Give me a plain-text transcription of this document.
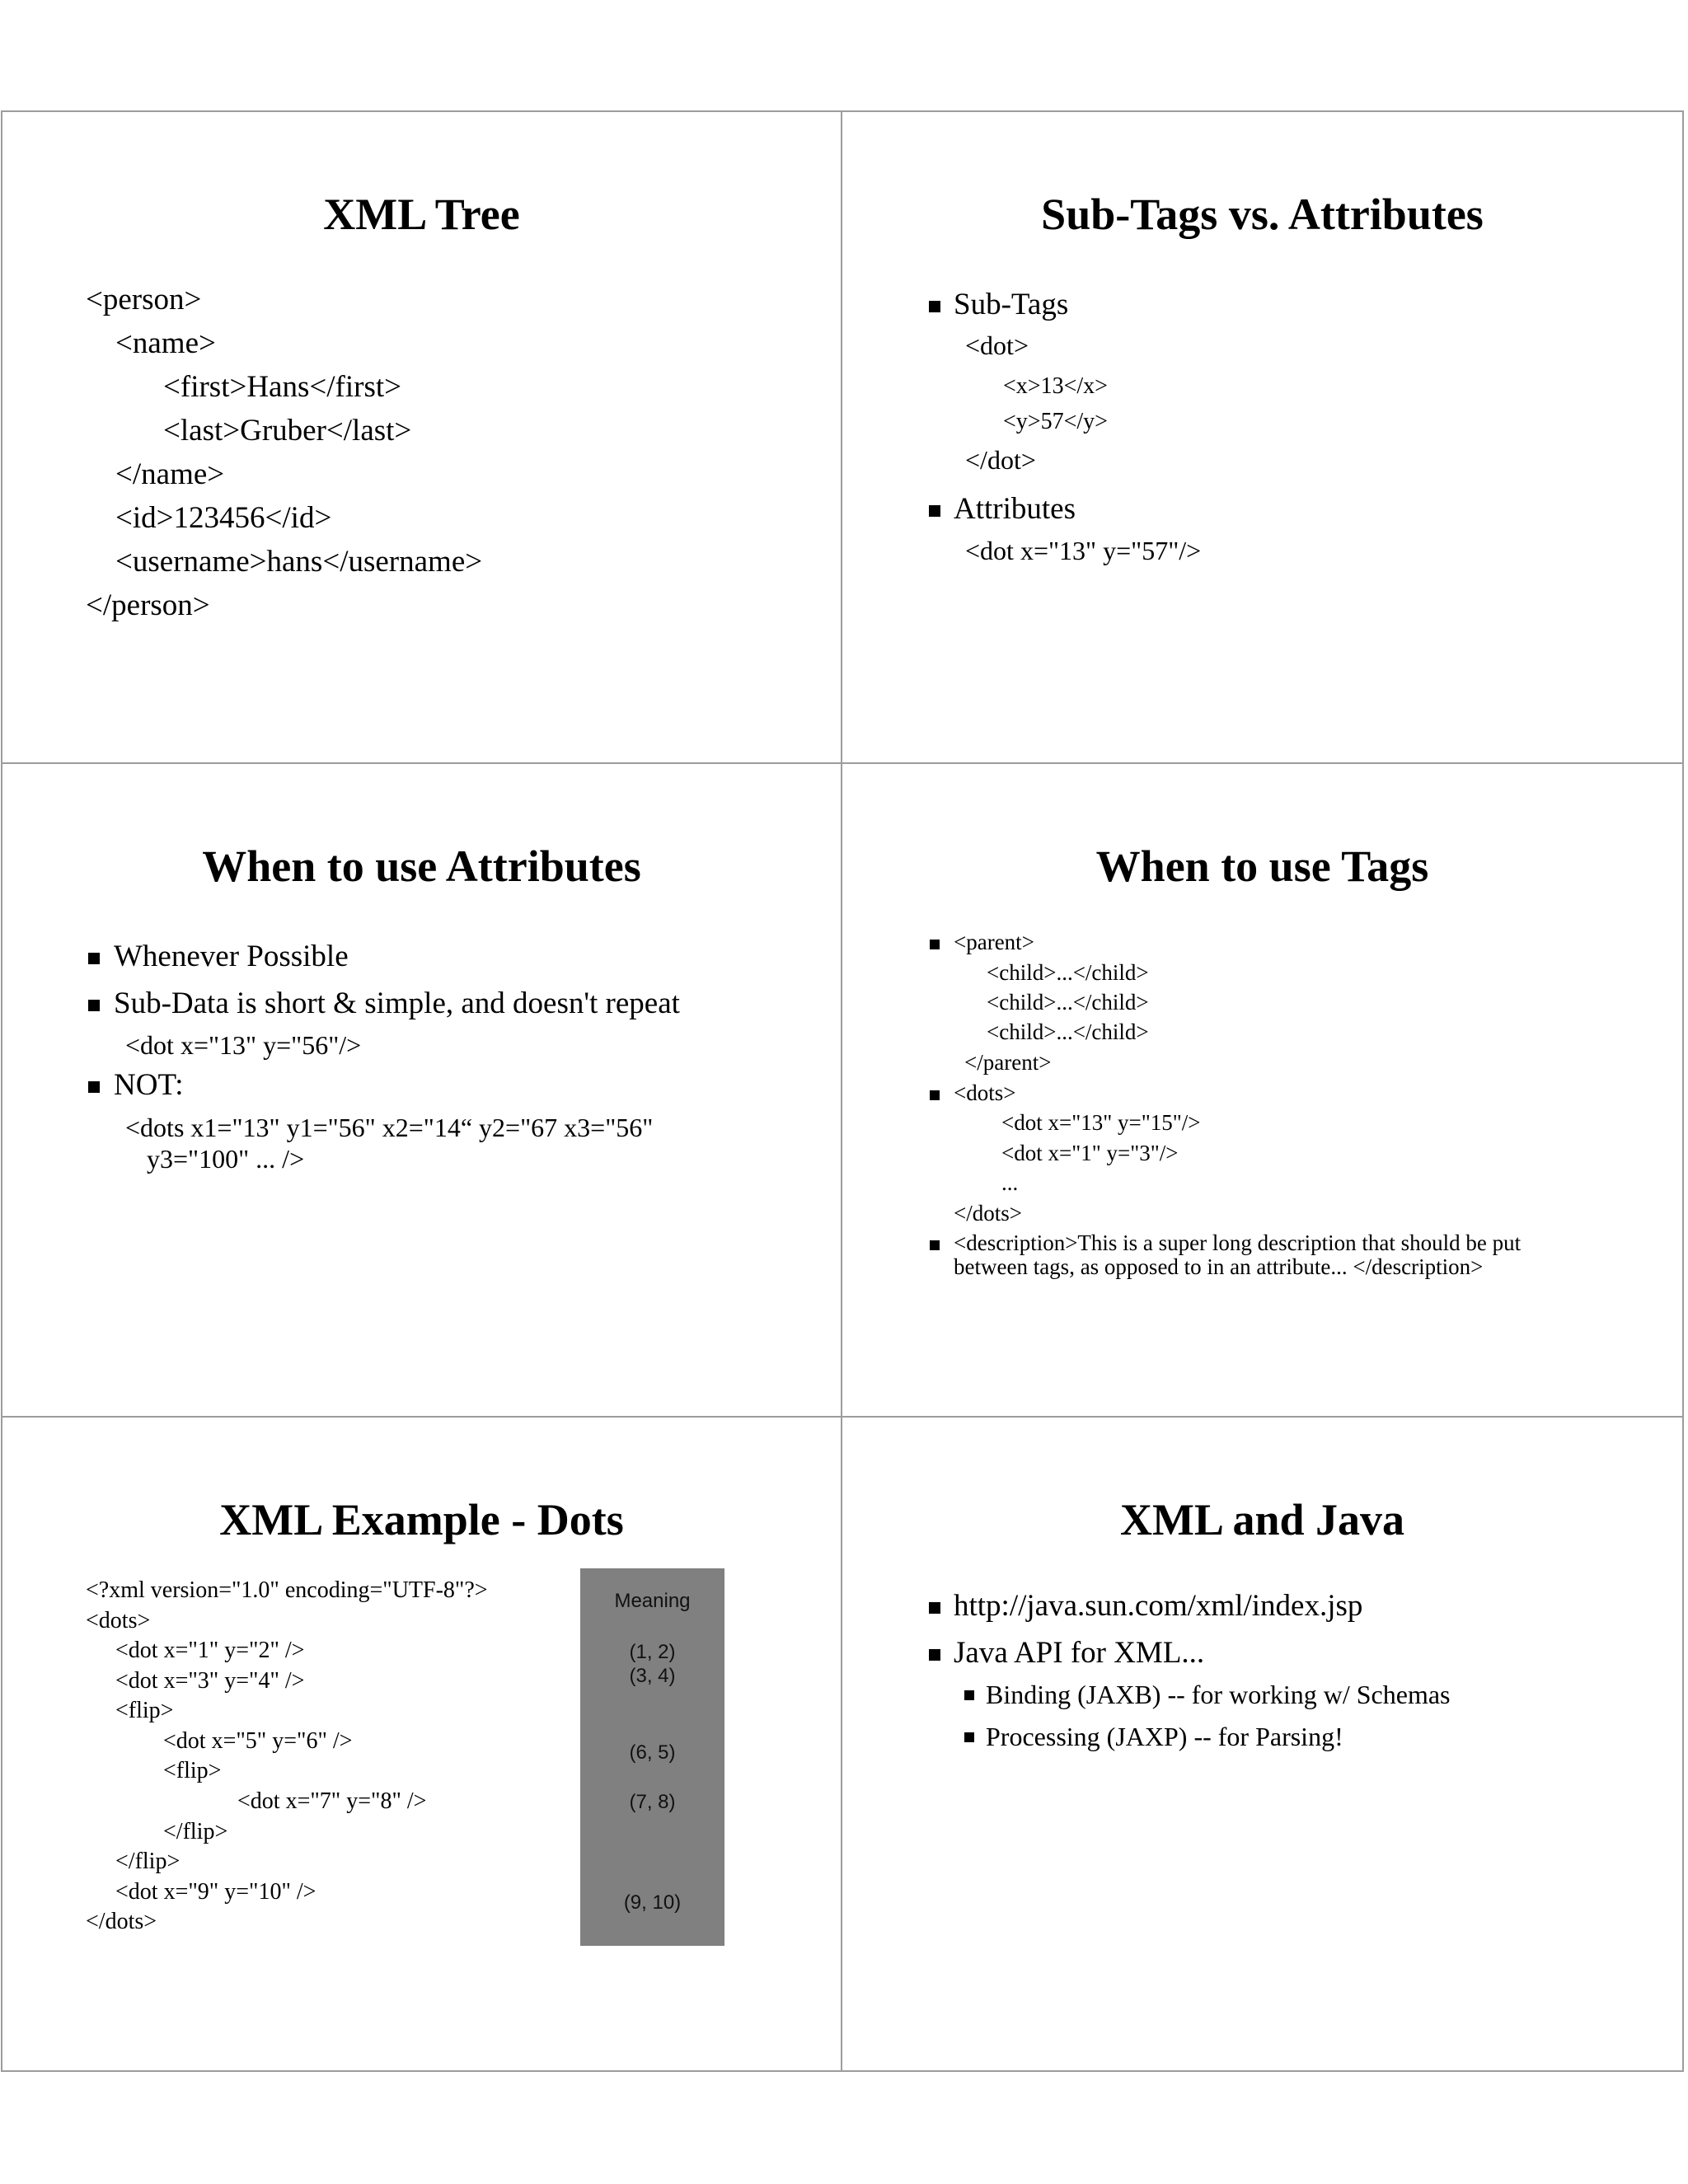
XML Tree
<person>
<name>
<first>Hans</first>
<last>Gruber</last>
</name>
<id>123456</id>
<username>hans</username>
</person>
Sub-Tags vs. Attributes
Sub-Tags
<dot>
<x>13</x>
<y>57</y>
</dot>
Attributes
<dot x="13" y="57"/>
When to use Attributes
Whenever Possible
Sub-Data is short & simple, and doesn't repeat
<dot x="13" y="56"/>
NOT:
<dots x1="13" y1="56" x2="14“ y2="67 x3="56"
y3="100" ... />
When to use Tags
<parent>
<child>...</child>
<child>...</child>
<child>...</child>
</parent>
<dots>
<dot x="13" y="15"/>
<dot x="1" y="3"/>
...
</dots>
<description>This is a super long description that should be put
between tags, as opposed to in an attribute... </description>
XML Example - Dots
<?xml version="1.0" encoding="UTF-8"?>
<dots>
<dot x="1" y="2" />
<dot x="3" y="4" />
<flip>
<dot x="5" y="6" />
<flip>
<dot x="7" y="8" />
</flip>
</flip>
<dot x="9" y="10" />
</dots>
Meaning
(1, 2)
(3, 4)
(6, 5)
(7, 8)
(9, 10)
XML and Java
http://java.sun.com/xml/index.jsp
Java API for XML...
Binding (JAXB) -- for working w/ Schemas
Processing (JAXP) -- for Parsing!
